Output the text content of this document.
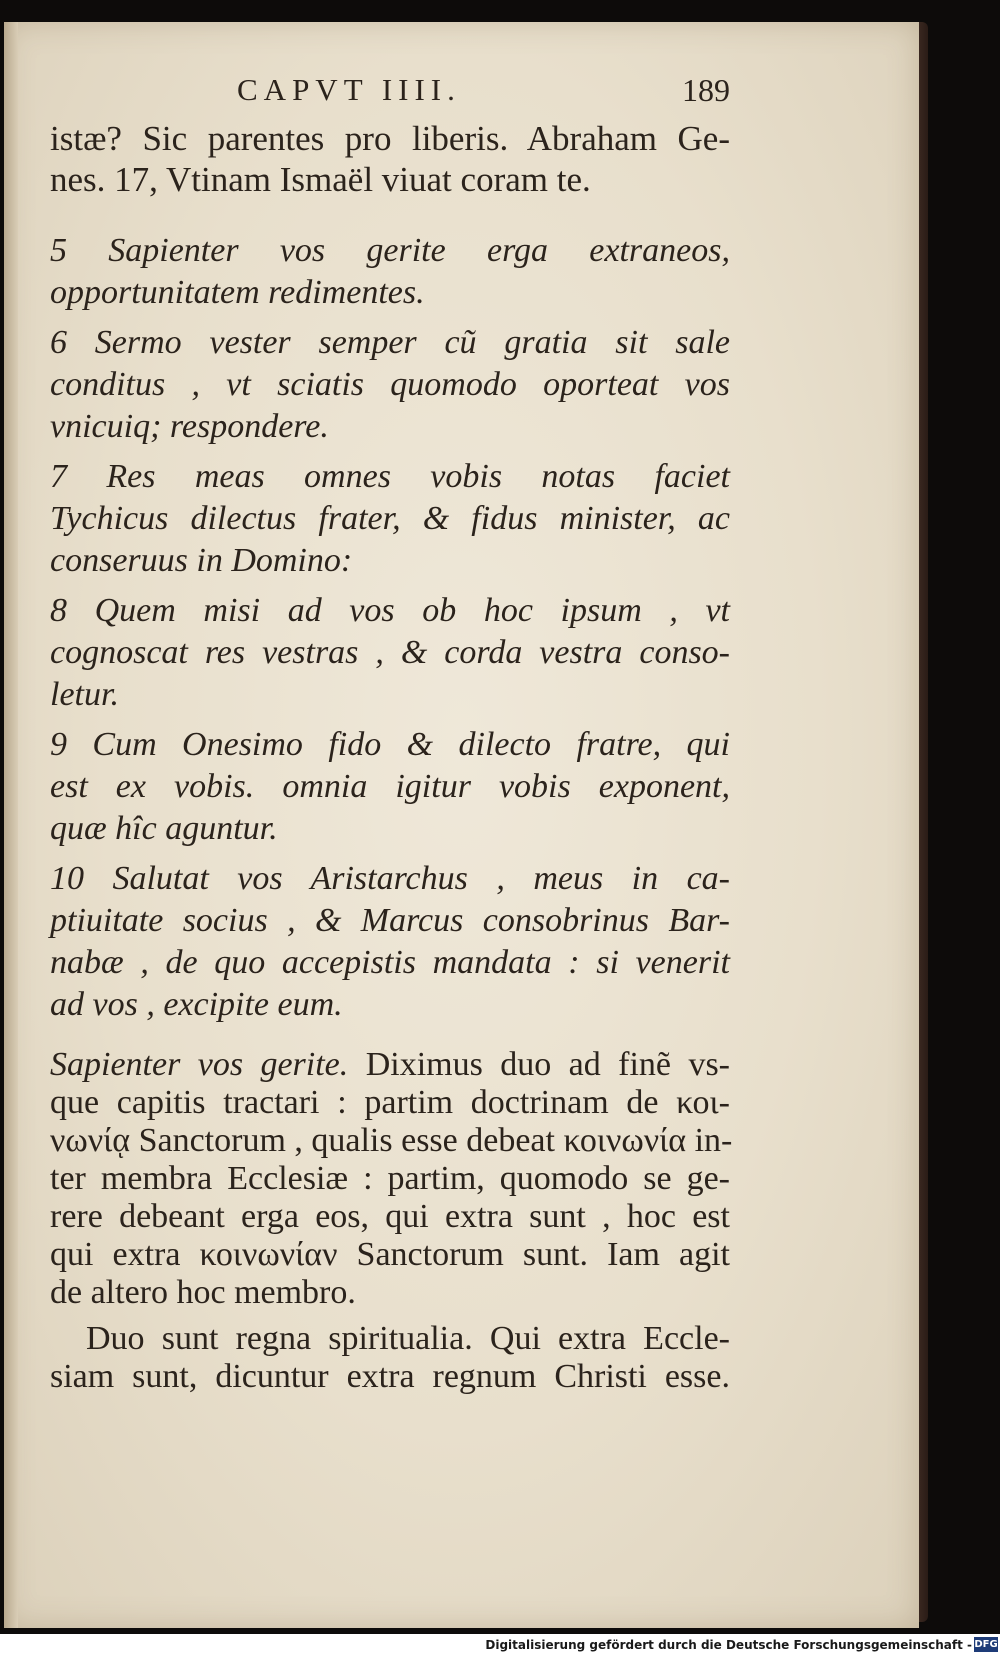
CAPVT IIII.	189
istæ? Sic parentes pro liberis. Abraham Ge-
nes. 17, Vtinam Ismaël viuat coram te.
5 Sapienter vos gerite erga extraneos,
opportunitatem redimentes.
6 Sermo vester semper cũ gratia sit sale
conditus , vt sciatis quomodo oporteat vos
vnicuiq; respondere.
7 Res meas omnes vobis notas faciet
Tychicus dilectus frater, & fidus minister, ac
conseruus in Domino:
8 Quem misi ad vos ob hoc ipsum , vt
cognoscat res vestras , & corda vestra conso-
letur.
9 Cum Onesimo fido & dilecto fratre, qui
est ex vobis. omnia igitur vobis exponent,
quæ hîc aguntur.
10 Salutat vos Aristarchus , meus in ca-
ptiuitate socius , & Marcus consobrinus Bar-
nabæ , de quo accepistis mandata : si venerit
ad vos , excipite eum.
Sapienter vos gerite. Diximus duo ad finẽ vs-
que capitis tractari : partim doctrinam de κοι-
νωνίᾳ Sanctorum , qualis esse debeat κοινωνία in-
ter membra Ecclesiæ : partim, quomodo se ge-
rere debeant erga eos, qui extra sunt , hoc est
qui extra κοινωνίαν Sanctorum sunt. Iam agit
de altero hoc membro.
Duo sunt regna spiritualia. Qui extra Eccle-
siam sunt, dicuntur extra regnum Christi esse.
Digitalisierung gefördert durch die Deutsche Forschungsgemeinschaft - DFG
